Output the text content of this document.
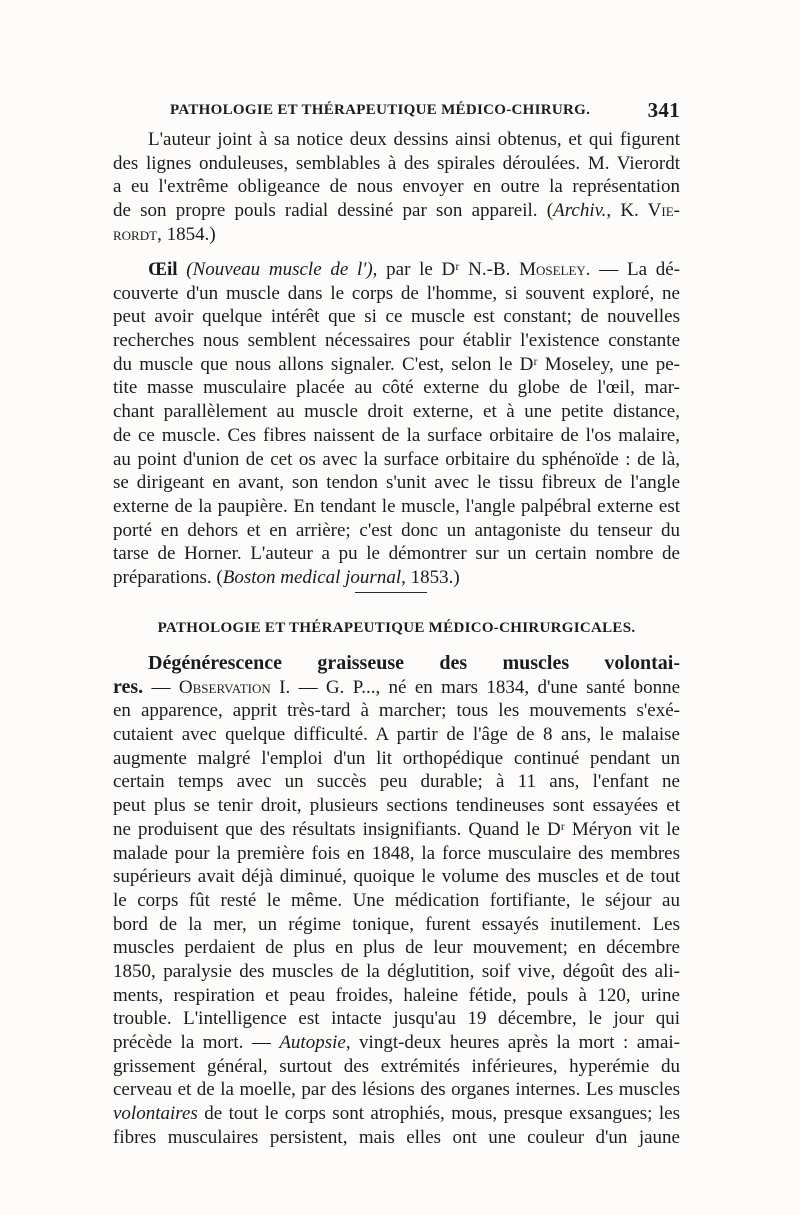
PATHOLOGIE ET THÉRAPEUTIQUE MÉDICO-CHIRURG.	341
L'auteur joint à sa notice deux dessins ainsi obtenus, et qui figurent
des lignes onduleuses, semblables à des spirales déroulées. M. Vierordt
a eu l'extrême obligeance de nous envoyer en outre la représentation
de son propre pouls radial dessiné par son appareil. (Archiv., K. Vie-
rordt, 1854.)
Œil (Nouveau muscle de l'), par le Dʳ N.-B. Moseley. — La dé-
couverte d'un muscle dans le corps de l'homme, si souvent exploré, ne
peut avoir quelque intérêt que si ce muscle est constant; de nouvelles
recherches nous semblent nécessaires pour établir l'existence constante
du muscle que nous allons signaler. C'est, selon le Dʳ Moseley, une pe-
tite masse musculaire placée au côté externe du globe de l'œil, mar-
chant parallèlement au muscle droit externe, et à une petite distance,
de ce muscle. Ces fibres naissent de la surface orbitaire de l'os malaire,
au point d'union de cet os avec la surface orbitaire du sphénoïde : de là,
se dirigeant en avant, son tendon s'unit avec le tissu fibreux de l'angle
externe de la paupière. En tendant le muscle, l'angle palpébral externe est
porté en dehors et en arrière; c'est donc un antagoniste du tenseur du
tarse de Horner. L'auteur a pu le démontrer sur un certain nombre de
préparations. (Boston medical journal, 1853.)
PATHOLOGIE ET THÉRAPEUTIQUE MÉDICO-CHIRURGICALES.
Dégénérescence graisseuse des muscles volontai-
res. — Observation I. — G. P..., né en mars 1834, d'une santé bonne
en apparence, apprit très-tard à marcher; tous les mouvements s'exé-
cutaient avec quelque difficulté. A partir de l'âge de 8 ans, le malaise
augmente malgré l'emploi d'un lit orthopédique continué pendant un
certain temps avec un succès peu durable; à 11 ans, l'enfant ne
peut plus se tenir droit, plusieurs sections tendineuses sont essayées et
ne produisent que des résultats insignifiants. Quand le Dʳ Méryon vit le
malade pour la première fois en 1848, la force musculaire des membres
supérieurs avait déjà diminué, quoique le volume des muscles et de tout
le corps fût resté le même. Une médication fortifiante, le séjour au
bord de la mer, un régime tonique, furent essayés inutilement. Les
muscles perdaient de plus en plus de leur mouvement; en décembre
1850, paralysie des muscles de la déglutition, soif vive, dégoût des ali-
ments, respiration et peau froides, haleine fétide, pouls à 120, urine
trouble. L'intelligence est intacte jusqu'au 19 décembre, le jour qui
précède la mort. — Autopsie, vingt-deux heures après la mort : amai-
grissement général, surtout des extrémités inférieures, hyperémie du
cerveau et de la moelle, par des lésions des organes internes. Les muscles
volontaires de tout le corps sont atrophiés, mous, presque exsangues; les
fibres musculaires persistent, mais elles ont une couleur d'un jaune
